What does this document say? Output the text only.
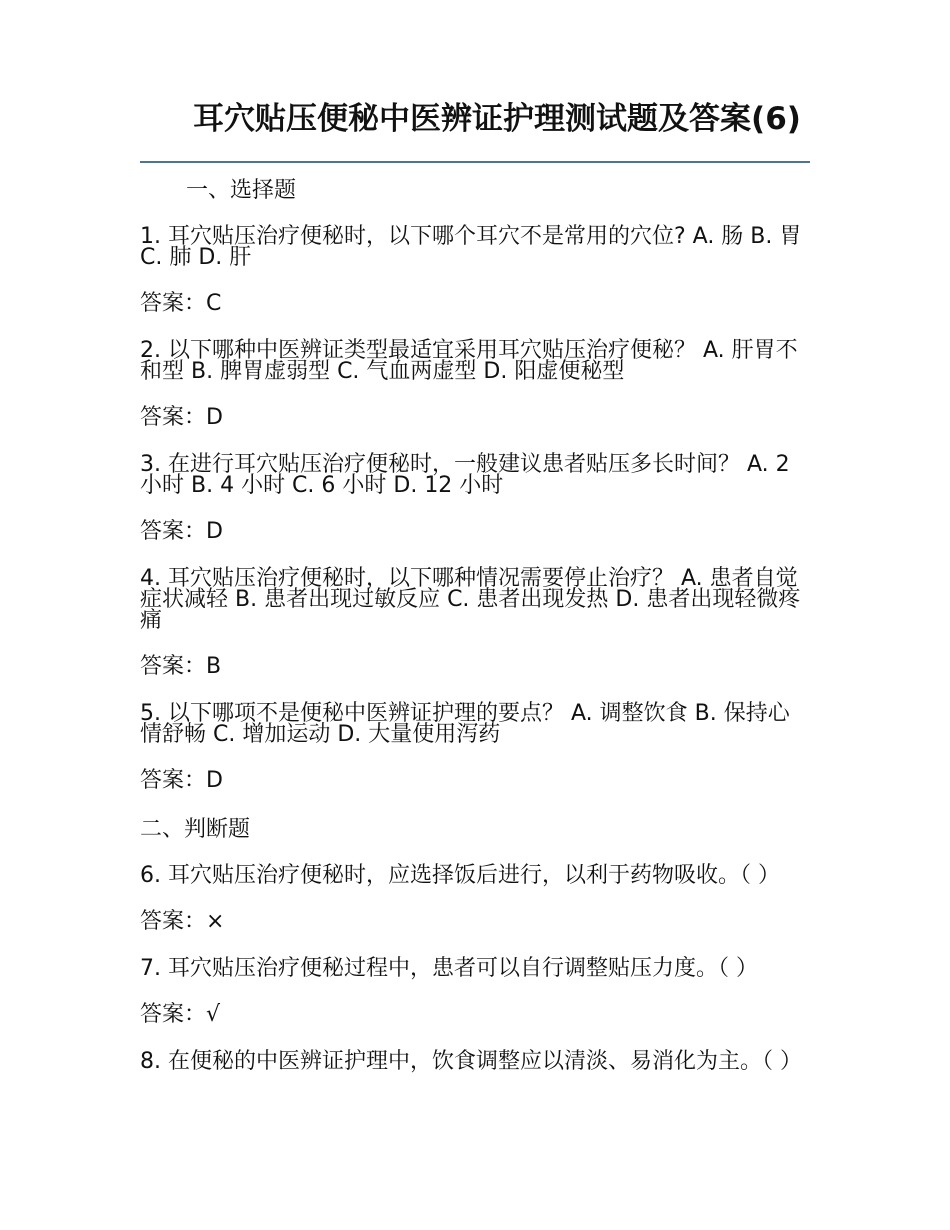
耳穴贴压便秘中医辨证护理测试题及答案(6)
一、选择题
1. 耳穴贴压治疗便秘时，以下哪个耳穴不是常用的穴位? A. 肠 B. 胃 C. 肺 D. 肝
答案：C
2. 以下哪种中医辨证类型最适宜采用耳穴贴压治疗便秘？ A. 肝胃不和型 B. 脾胃虚弱型 C. 气血两虚型 D. 阳虚便秘型
答案：D
3. 在进行耳穴贴压治疗便秘时，一般建议患者贴压多长时间？ A. 2 小时 B. 4 小时 C. 6 小时 D. 12 小时
答案：D
4. 耳穴贴压治疗便秘时，以下哪种情况需要停止治疗？ A. 患者自觉症状减轻 B. 患者出现过敏反应 C. 患者出现发热 D. 患者出现轻微疼痛
答案：B
5. 以下哪项不是便秘中医辨证护理的要点？ A. 调整饮食 B. 保持心情舒畅 C. 增加运动 D. 大量使用泻药
答案：D
二、判断题
6. 耳穴贴压治疗便秘时，应选择饭后进行，以利于药物吸收。（ ）
答案：×
7. 耳穴贴压治疗便秘过程中，患者可以自行调整贴压力度。（ ）
答案：√
8. 在便秘的中医辨证护理中，饮食调整应以清淡、易消化为主。（ ）
